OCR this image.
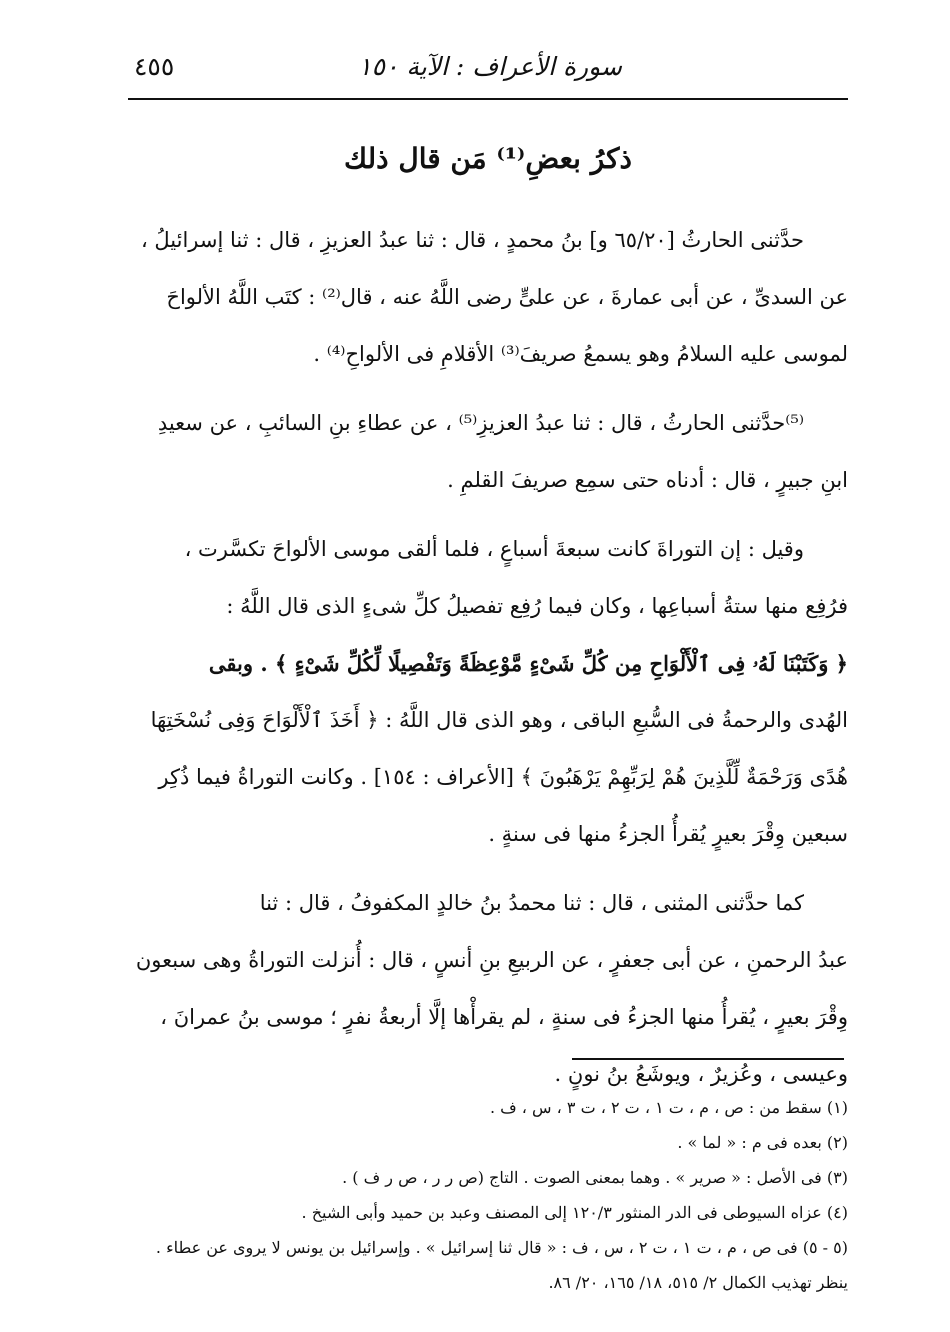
سورة الأعراف : الآية ١٥٠
٤٥٥
ذكرُ بعضِ⁽¹⁾ مَن قال ذلك
حدَّثنى الحارثُ [٦٥/٢٠ و] بنُ محمدٍ ، قال : ثنا عبدُ العزيزِ ، قال : ثنا إسرائيلُ ،
عن السدىِّ ، عن أبى عمارةَ ، عن علىٍّ رضى اللَّهُ عنه ، قال⁽²⁾ : كتَب اللَّهُ الألواحَ
لموسى عليه السلامُ وهو يسمعُ صريفَ⁽³⁾ الأقلامِ فى الألواحِ⁽⁴⁾ .
⁽⁵⁾حدَّثنى الحارثُ ، قال : ثنا عبدُ العزيزِ⁽⁵⁾ ، عن عطاءِ بنِ السائبِ ، عن سعيدِ
ابنِ جبيرٍ ، قال : أدناه حتى سمِع صريفَ القلمِ .
وقيل : إن التوراةَ كانت سبعةَ أسباعٍ ، فلما ألقى موسى الألواحَ تكسَّرت ،
فرُفِع منها ستةُ أسباعِها ، وكان فيما رُفِع تفصيلُ كلِّ شىءٍ الذى قال اللَّهُ :
﴿ وَكَتَبْنَا لَهُۥ فِى ٱلْأَلْوَاحِ مِن كُلِّ شَىْءٍ مَّوْعِظَةً وَتَفْصِيلًا لِّكُلِّ شَىْءٍ ﴾ . وبقى
الهُدى والرحمةُ فى السُّبعِ الباقى ، وهو الذى قال اللَّهُ : ﴿ أَخَذَ ٱلْأَلْوَاحَ وَفِى نُسْخَتِهَا
هُدًى وَرَحْمَةٌ لِّلَّذِينَ هُمْ لِرَبِّهِمْ يَرْهَبُونَ ﴾ [الأعراف : ١٥٤] . وكانت التوراةُ فيما ذُكِر
سبعين وِقْرَ بعيرٍ يُقرأُ الجزءُ منها فى سنةٍ .
كما حدَّثنى المثنى ، قال : ثنا محمدُ بنُ خالدٍ المكفوفُ ، قال : ثنا
عبدُ الرحمنِ ، عن أبى جعفرٍ ، عن الربيعِ بنِ أنسٍ ، قال : أُنزلت التوراةُ وهى سبعون
وِقْرَ بعيرٍ ، يُقرأُ منها الجزءُ فى سنةٍ ، لم يقرأْها إلَّا أربعةُ نفرٍ ؛ موسى بنُ عمرانَ ،
وعيسى ، وعُزيرٌ ، ويوشَعُ بنُ نونٍ .
(١) سقط من : ص ، م ، ت ١ ، ت ٢ ، ت ٣ ، س ، ف .
(٢) بعده فى م : « لما » .
(٣) فى الأصل : « صرير » . وهما بمعنى الصوت . التاج (ص ر ر ، ص ر ف ) .
(٤) عزاه السيوطى فى الدر المنثور ١٢٠/٣ إلى المصنف وعبد بن حميد وأبى الشيخ .
(٥ - ٥) فى ص ، م ، ت ١ ، ت ٢ ، س ، ف : « قال ثنا إسرائيل » . وإسرائيل بن يونس لا يروى عن عطاء .
ينظر تهذيب الكمال ٢/ ٥١٥، ١٨/ ١٦٥، ٢٠/ ٨٦.
